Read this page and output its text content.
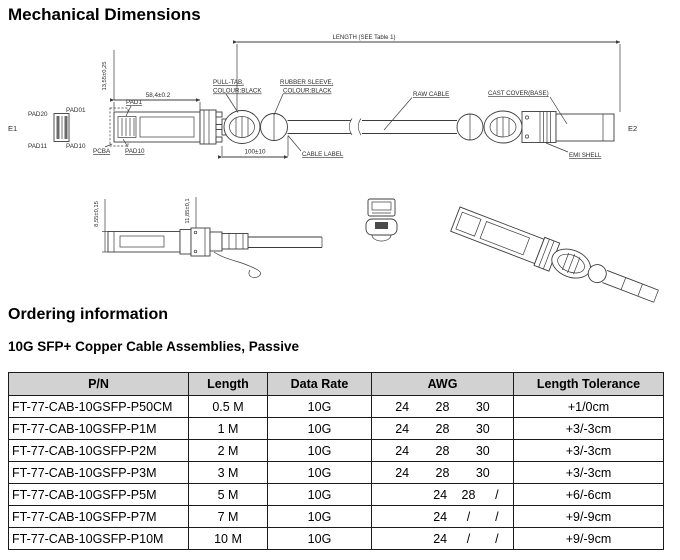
Mechanical Dimensions
LENGTH (SEE Table 1)
E1
PAD20
PAD01
PAD11	PAD10
E2
58,4±0.2
13,55±0,25
100±10
PAD1
PCBA PAD10
PULL-TAB,
COLOUR:BLACK
RUBBER SLEEVE,
COLOUR:BLACK	RAW CABLE
CABLE LABEL
CAST COVER(BASE)
EMI SHELL
8,55±0,15	11,85±0,1
Ordering information
10G SFP+ Copper Cable Assemblies, Passive
P/N	Length	Data Rate	AWG	Length Tolerance
FT-77-CAB-10GSFP-P50CM	0.5 M	10G	24 28 30	+1/0cm
FT-77-CAB-10GSFP-P1M	1 M	10G	24 28 30	+3/-3cm
FT-77-CAB-10GSFP-P2M	2 M	10G	24 28 30	+3/-3cm
FT-77-CAB-10GSFP-P3M	3 M	10G	24 28 30	+3/-3cm
FT-77-CAB-10GSFP-P5M	5 M	10G	24 28 /	+6/-6cm
FT-77-CAB-10GSFP-P7M	7 M	10G	24 / /	+9/-9cm
FT-77-CAB-10GSFP-P10M	10 M	10G	24 / /	+9/-9cm
